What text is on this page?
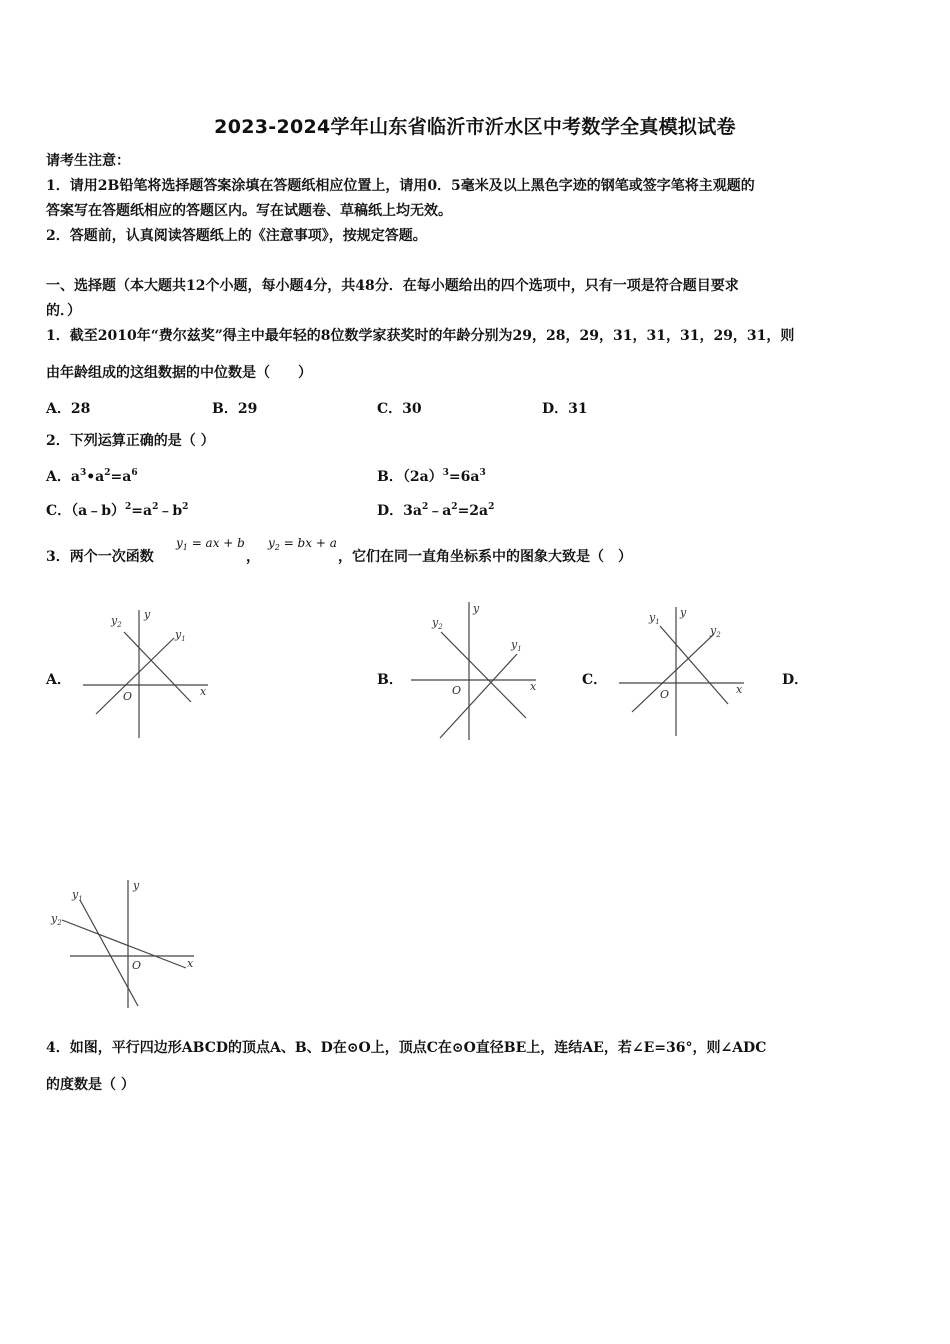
2023-2024学年山东省临沂市沂水区中考数学全真模拟试卷
请考生注意：
1．请用2B铅笔将选择题答案涂填在答题纸相应位置上，请用0．5毫米及以上黑色字迹的钢笔或签字笔将主观题的
答案写在答题纸相应的答题区内。写在试题卷、草稿纸上均无效。
2．答题前，认真阅读答题纸上的《注意事项》，按规定答题。
一、选择题（本大题共12个小题，每小题4分，共48分．在每小题给出的四个选项中，只有一项是符合题目要求
的．）
1．截至2010年“费尔兹奖”得主中最年轻的8位数学家获奖时的年龄分别为29，28，29，31，31，31，29，31，则
由年龄组成的这组数据的中位数是（　　）
A．28	B．29	C．30	D．31
2．下列运算正确的是（ ）
A．$a^3•a^2=a^6$	B．$(2a)^3=6a^3$
C．$(a﹣b)^2=a^2﹣b^2$	D．$3a^2﹣a^2=2a^2$
3．两个一次函数
$y_1$ = ax + b
，
$y_2$ = bx + a
，它们在同一直角坐标系中的图象大致是（　）
A．	B．	C．	D．
$y_2$
y
$y_1$
O	x
$y_2$
y
$y_1$
O	x
$y_1$
y
$y_2$
O	x
$y_1$
y
$y_2$
O	x
4．如图，平行四边形ABCD的顶点A、B、D在⊙O上，顶点C在⊙O直径BE上，连结AE，若∠E=36°，则∠ADC
的度数是（ ）
